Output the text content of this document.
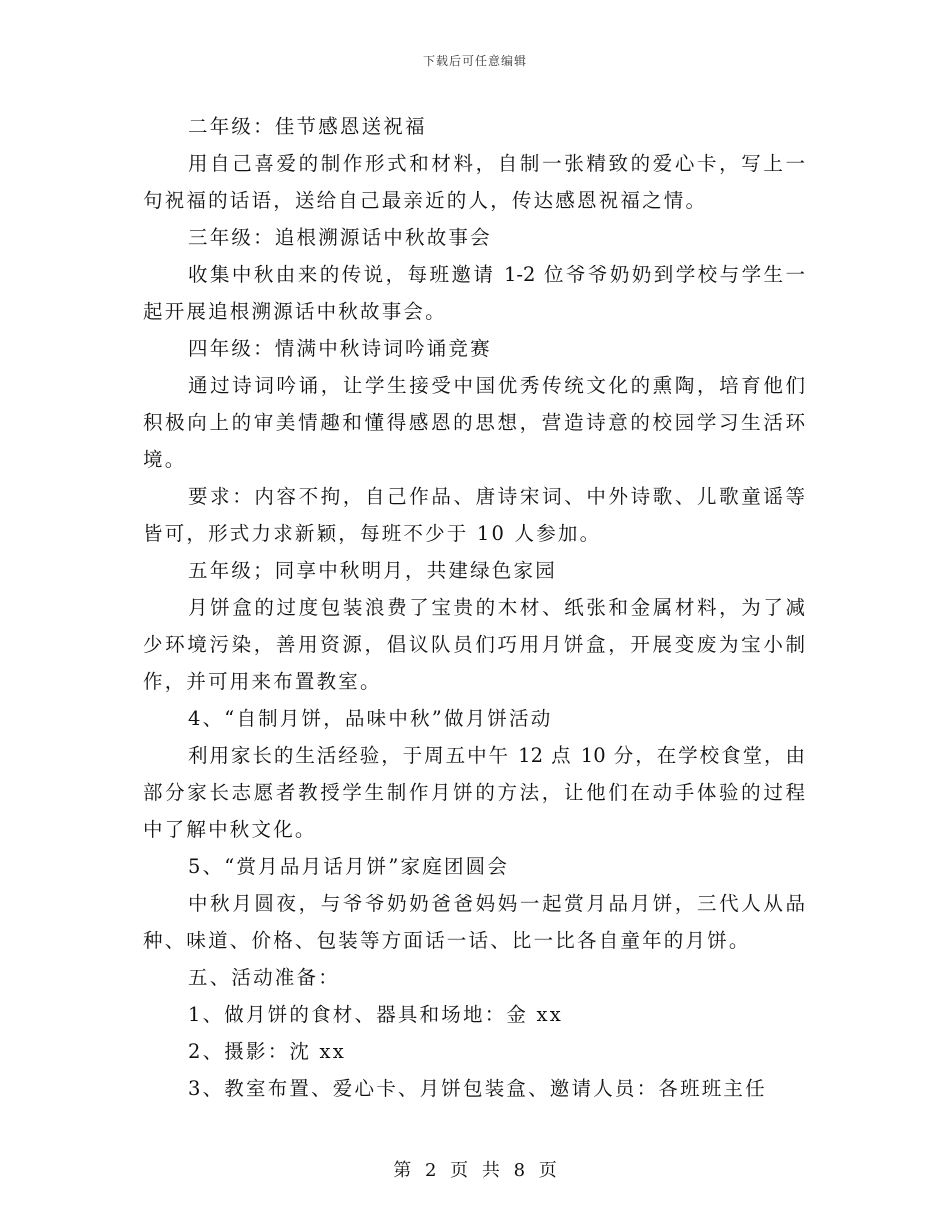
下载后可任意编辑
二年级：佳节感恩送祝福
用自己喜爱的制作形式和材料，自制一张精致的爱心卡，写上一
句祝福的话语，送给自己最亲近的人，传达感恩祝福之情。
三年级：追根溯源话中秋故事会
收集中秋由来的传说，每班邀请 1-2 位爷爷奶奶到学校与学生一
起开展追根溯源话中秋故事会。
四年级：情满中秋诗词吟诵竞赛
通过诗词吟诵，让学生接受中国优秀传统文化的熏陶，培育他们
积极向上的审美情趣和懂得感恩的思想，营造诗意的校园学习生活环
境。
要求：内容不拘，自己作品、唐诗宋词、中外诗歌、儿歌童谣等
皆可，形式力求新颖，每班不少于 10 人参加。
五年级；同享中秋明月，共建绿色家园
月饼盒的过度包装浪费了宝贵的木材、纸张和金属材料，为了减
少环境污染，善用资源，倡议队员们巧用月饼盒，开展变废为宝小制
作，并可用来布置教室。
4、“自制月饼，品味中秋”做月饼活动
利用家长的生活经验，于周五中午 12 点 10 分，在学校食堂，由
部分家长志愿者教授学生制作月饼的方法，让他们在动手体验的过程
中了解中秋文化。
5、“赏月品月话月饼”家庭团圆会
中秋月圆夜，与爷爷奶奶爸爸妈妈一起赏月品月饼，三代人从品
种、味道、价格、包装等方面话一话、比一比各自童年的月饼。
五、活动准备：
1、做月饼的食材、器具和场地：金 xx
2、摄影：沈 xx
3、教室布置、爱心卡、月饼包装盒、邀请人员：各班班主任
第 2 页 共 8 页
